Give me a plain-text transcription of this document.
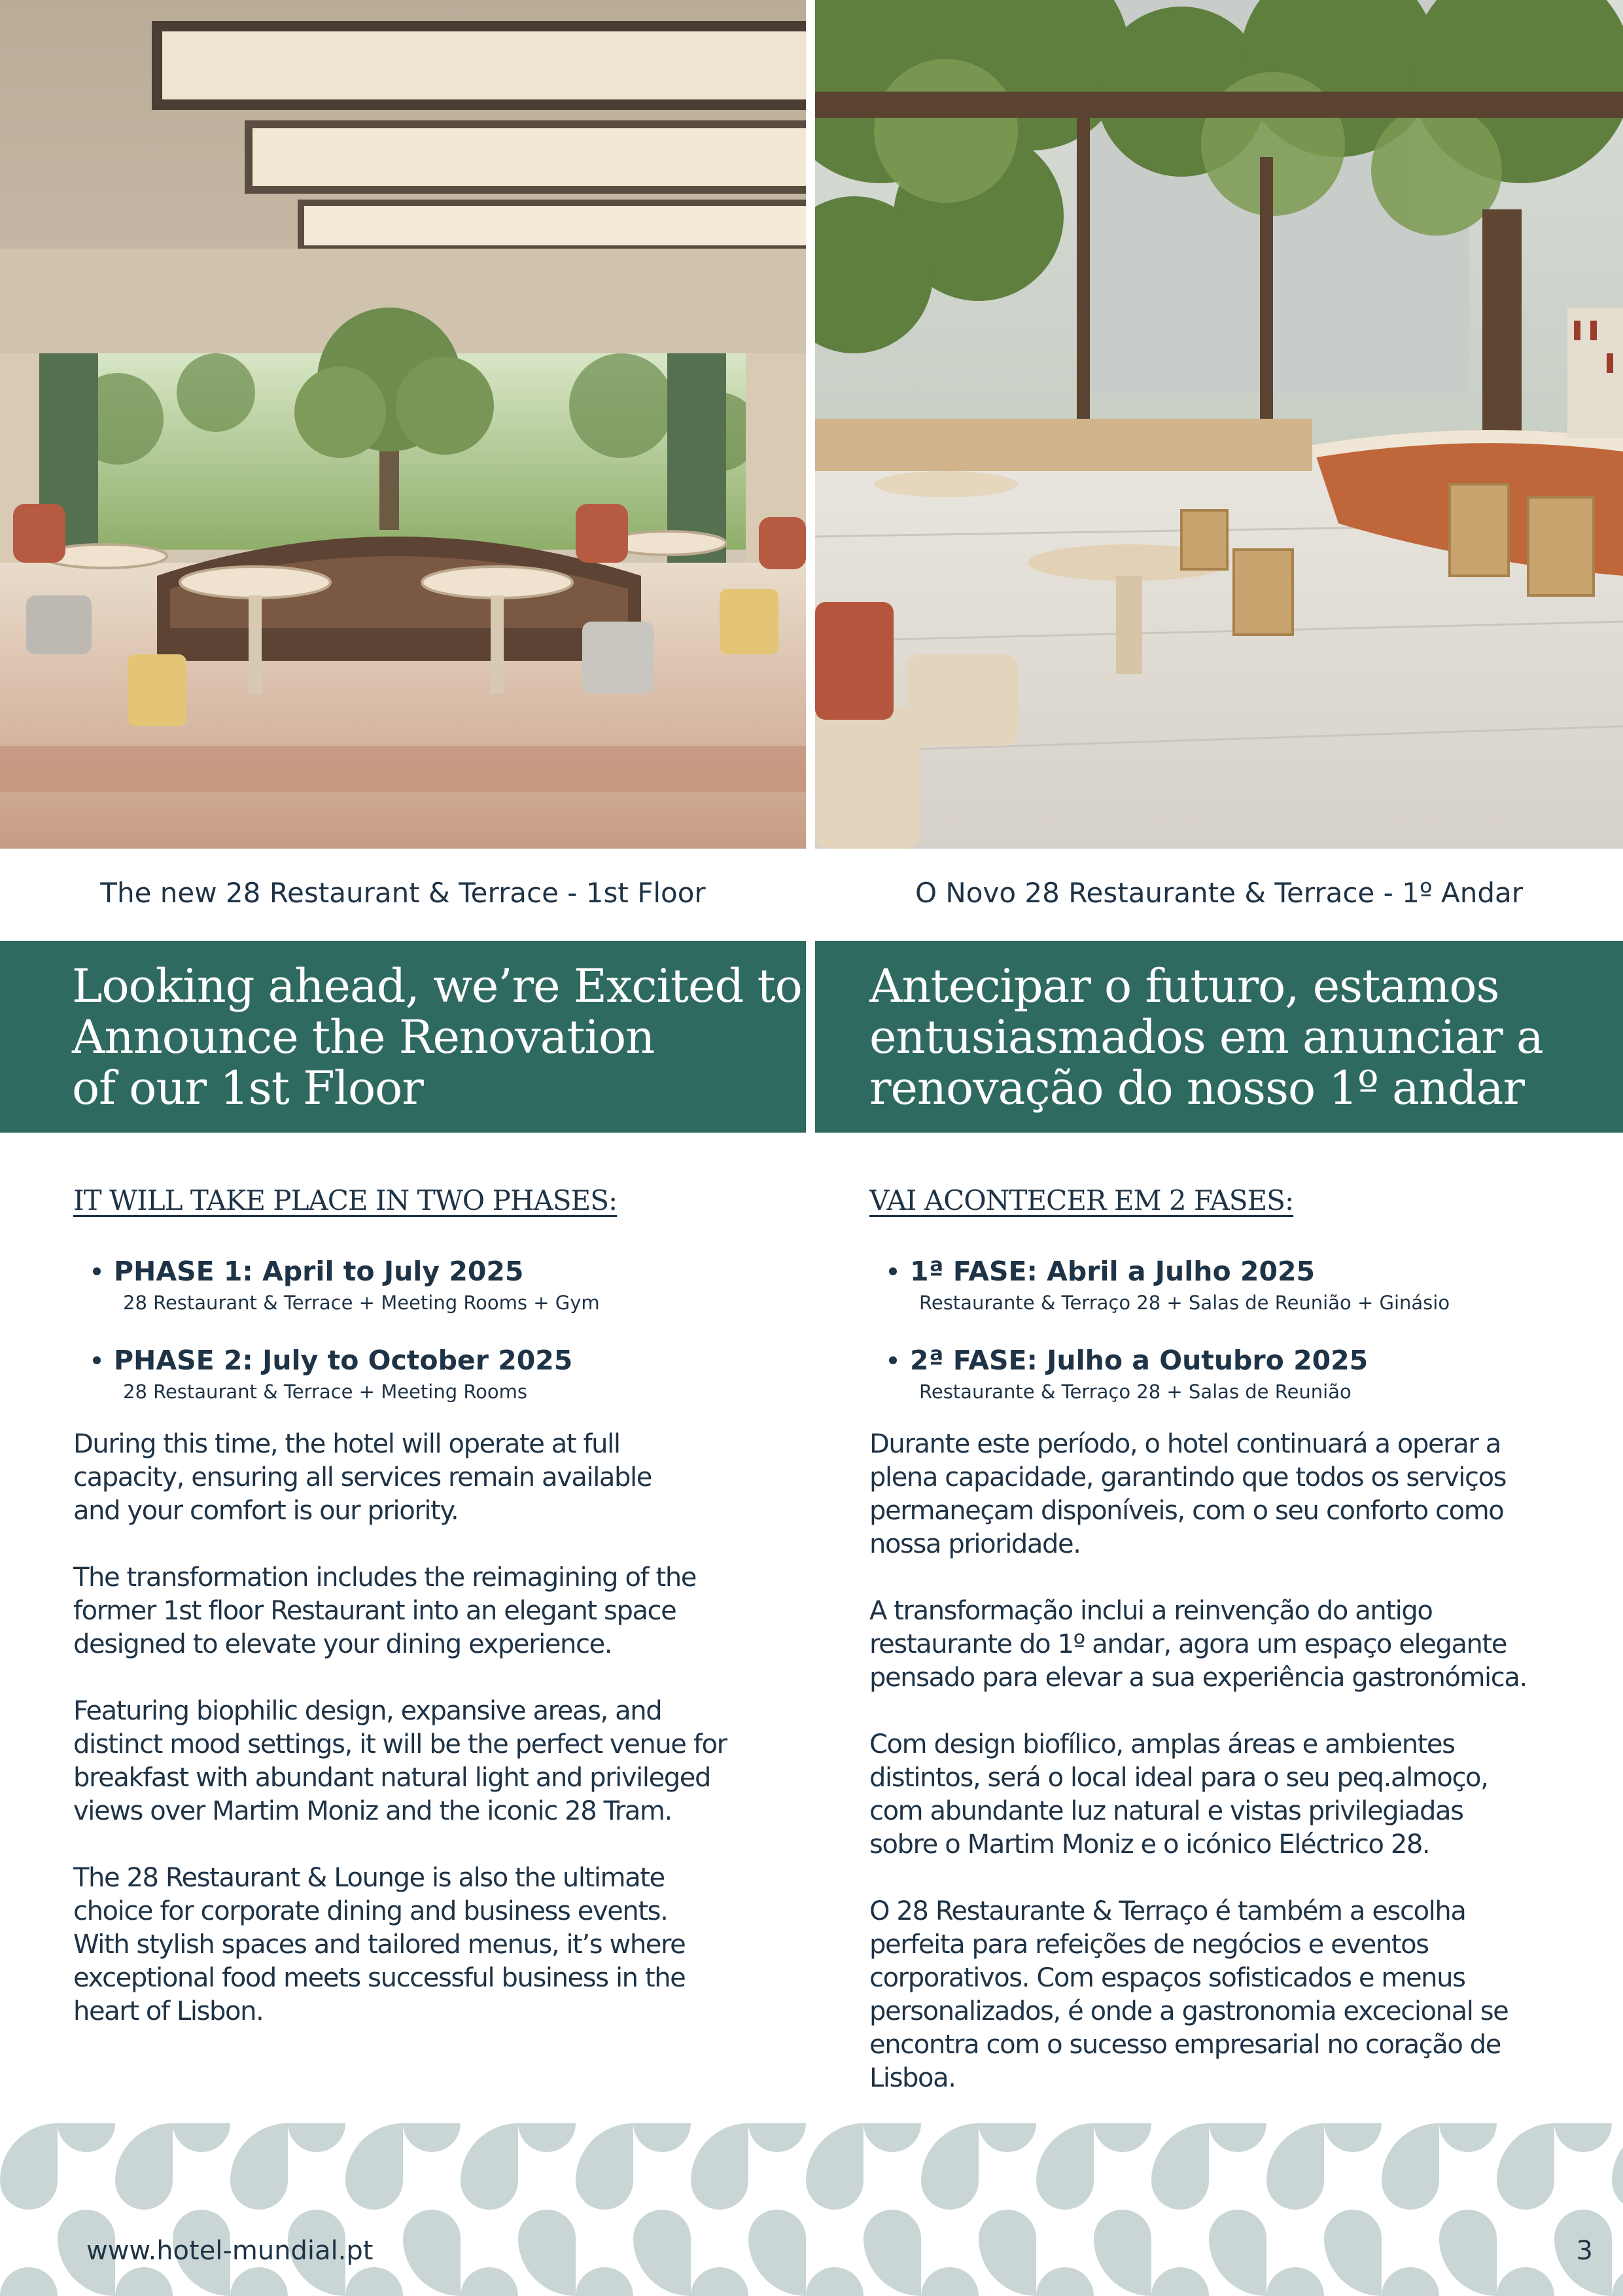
The new 28 Restaurant & Terrace - 1st Floor	O Novo 28 Restaurante & Terrace - 1º Andar
Looking ahead, we’re Excited to
Announce the Renovation
of our 1st Floor
Antecipar o futuro, estamos
entusiasmados em anunciar a
renovação do nosso 1º andar
IT WILL TAKE PLACE IN TWO PHASES:
PHASE 1: April to July 2025
28 Restaurant & Terrace + Meeting Rooms + Gym
PHASE 2: July to October 2025
28 Restaurant & Terrace + Meeting Rooms

During this time, the hotel will operate at full
capacity, ensuring all services remain available
and your comfort is our priority.

The transformation includes the reimagining of the
former 1st floor Restaurant into an elegant space
designed to elevate your dining experience.

Featuring biophilic design, expansive areas, and
distinct mood settings, it will be the perfect venue for
breakfast with abundant natural light and privileged
views over Martim Moniz and the iconic 28 Tram.

The 28 Restaurant & Lounge is also the ultimate
choice for corporate dining and business events.
With stylish spaces and tailored menus, it’s where
exceptional food meets successful business in the
heart of Lisbon.

VAI ACONTECER EM 2 FASES:
1ª FASE: Abril a Julho 2025
Restaurante & Terraço 28 + Salas de Reunião + Ginásio
2ª FASE: Julho a Outubro 2025
Restaurante & Terraço 28 + Salas de Reunião

Durante este período, o hotel continuará a operar a
plena capacidade, garantindo que todos os serviços
permaneçam disponíveis, com o seu conforto como
nossa prioridade.

A transformação inclui a reinvenção do antigo
restaurante do 1º andar, agora um espaço elegante
pensado para elevar a sua experiência gastronómica.

Com design biofílico, amplas áreas e ambientes
distintos, será o local ideal para o seu peq.almoço,
com abundante luz natural e vistas privilegiadas
sobre o Martim Moniz e o icónico Eléctrico 28.

O 28 Restaurante & Terraço é também a escolha
perfeita para refeições de negócios e eventos
corporativos. Com espaços sofisticados e menus
personalizados, é onde a gastronomia excecional se
encontra com o sucesso empresarial no coração de
Lisboa.

www.hotel-mundial.pt	3
